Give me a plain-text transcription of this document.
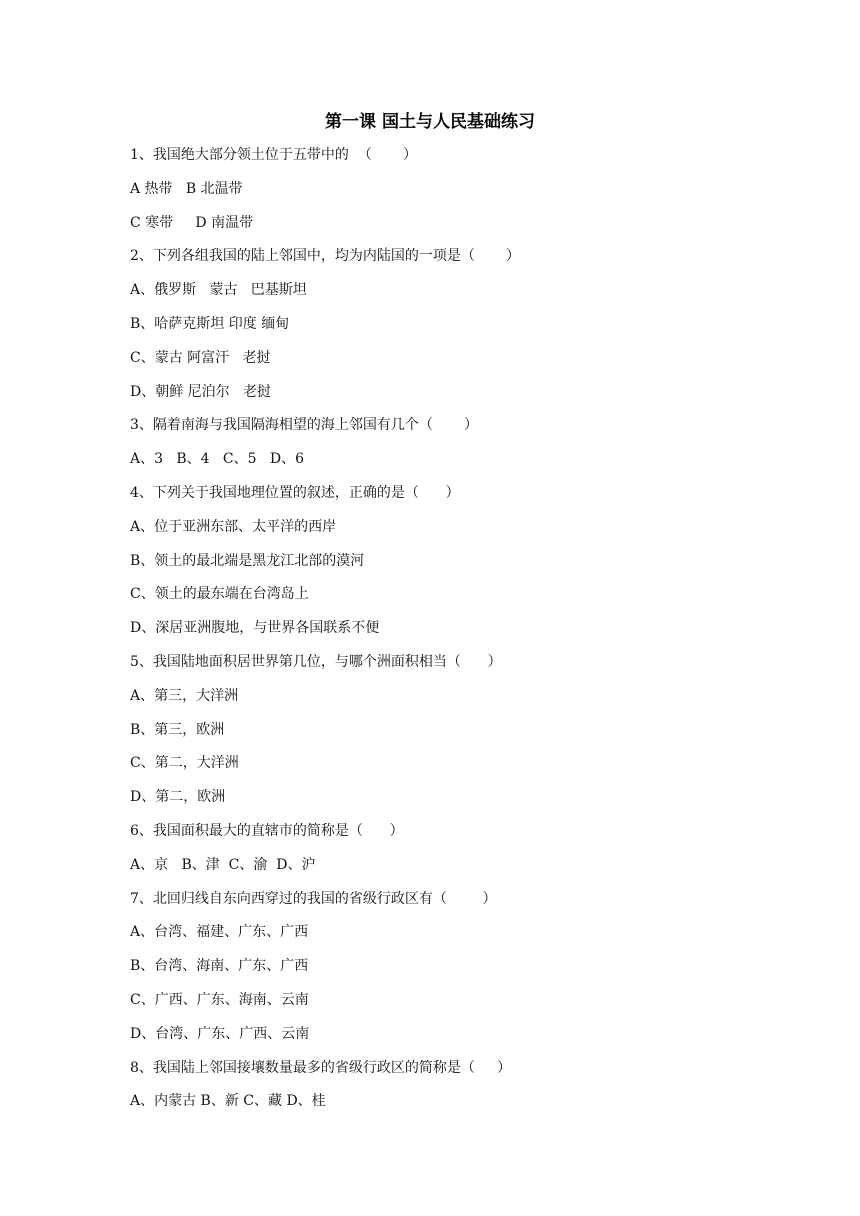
第一课 国土与人民基础练习
1、我国绝大部分领土位于五带中的  （       ）
A 热带   B 北温带
C 寒带     D 南温带
2、下列各组我国的陆上邻国中，均为内陆国的一项是（       ）
A、俄罗斯   蒙古   巴基斯坦
B、哈萨克斯坦 印度 缅甸
C、蒙古 阿富汗   老挝
D、朝鲜 尼泊尔   老挝
3、隔着南海与我国隔海相望的海上邻国有几个（       ）
A、3   B、4   C、5   D、6
4、下列关于我国地理位置的叙述，正确的是（      ）
A、位于亚洲东部、太平洋的西岸
B、领土的最北端是黑龙江北部的漠河
C、领土的最东端在台湾岛上
D、深居亚洲腹地，与世界各国联系不便
5、我国陆地面积居世界第几位，与哪个洲面积相当（      ）
A、第三，大洋洲
B、第三，欧洲
C、第二，大洋洲
D、第二，欧洲
6、我国面积最大的直辖市的简称是（      ）
A、京   B、津  C、渝  D、沪
7、北回归线自东向西穿过的我国的省级行政区有（        ）
A、台湾、福建、广东、广西
B、台湾、海南、广东、广西
C、广西、广东、海南、云南
D、台湾、广东、广西、云南
8、我国陆上邻国接壤数量最多的省级行政区的简称是（     ）
A、内蒙古 B、新 C、藏 D、桂
